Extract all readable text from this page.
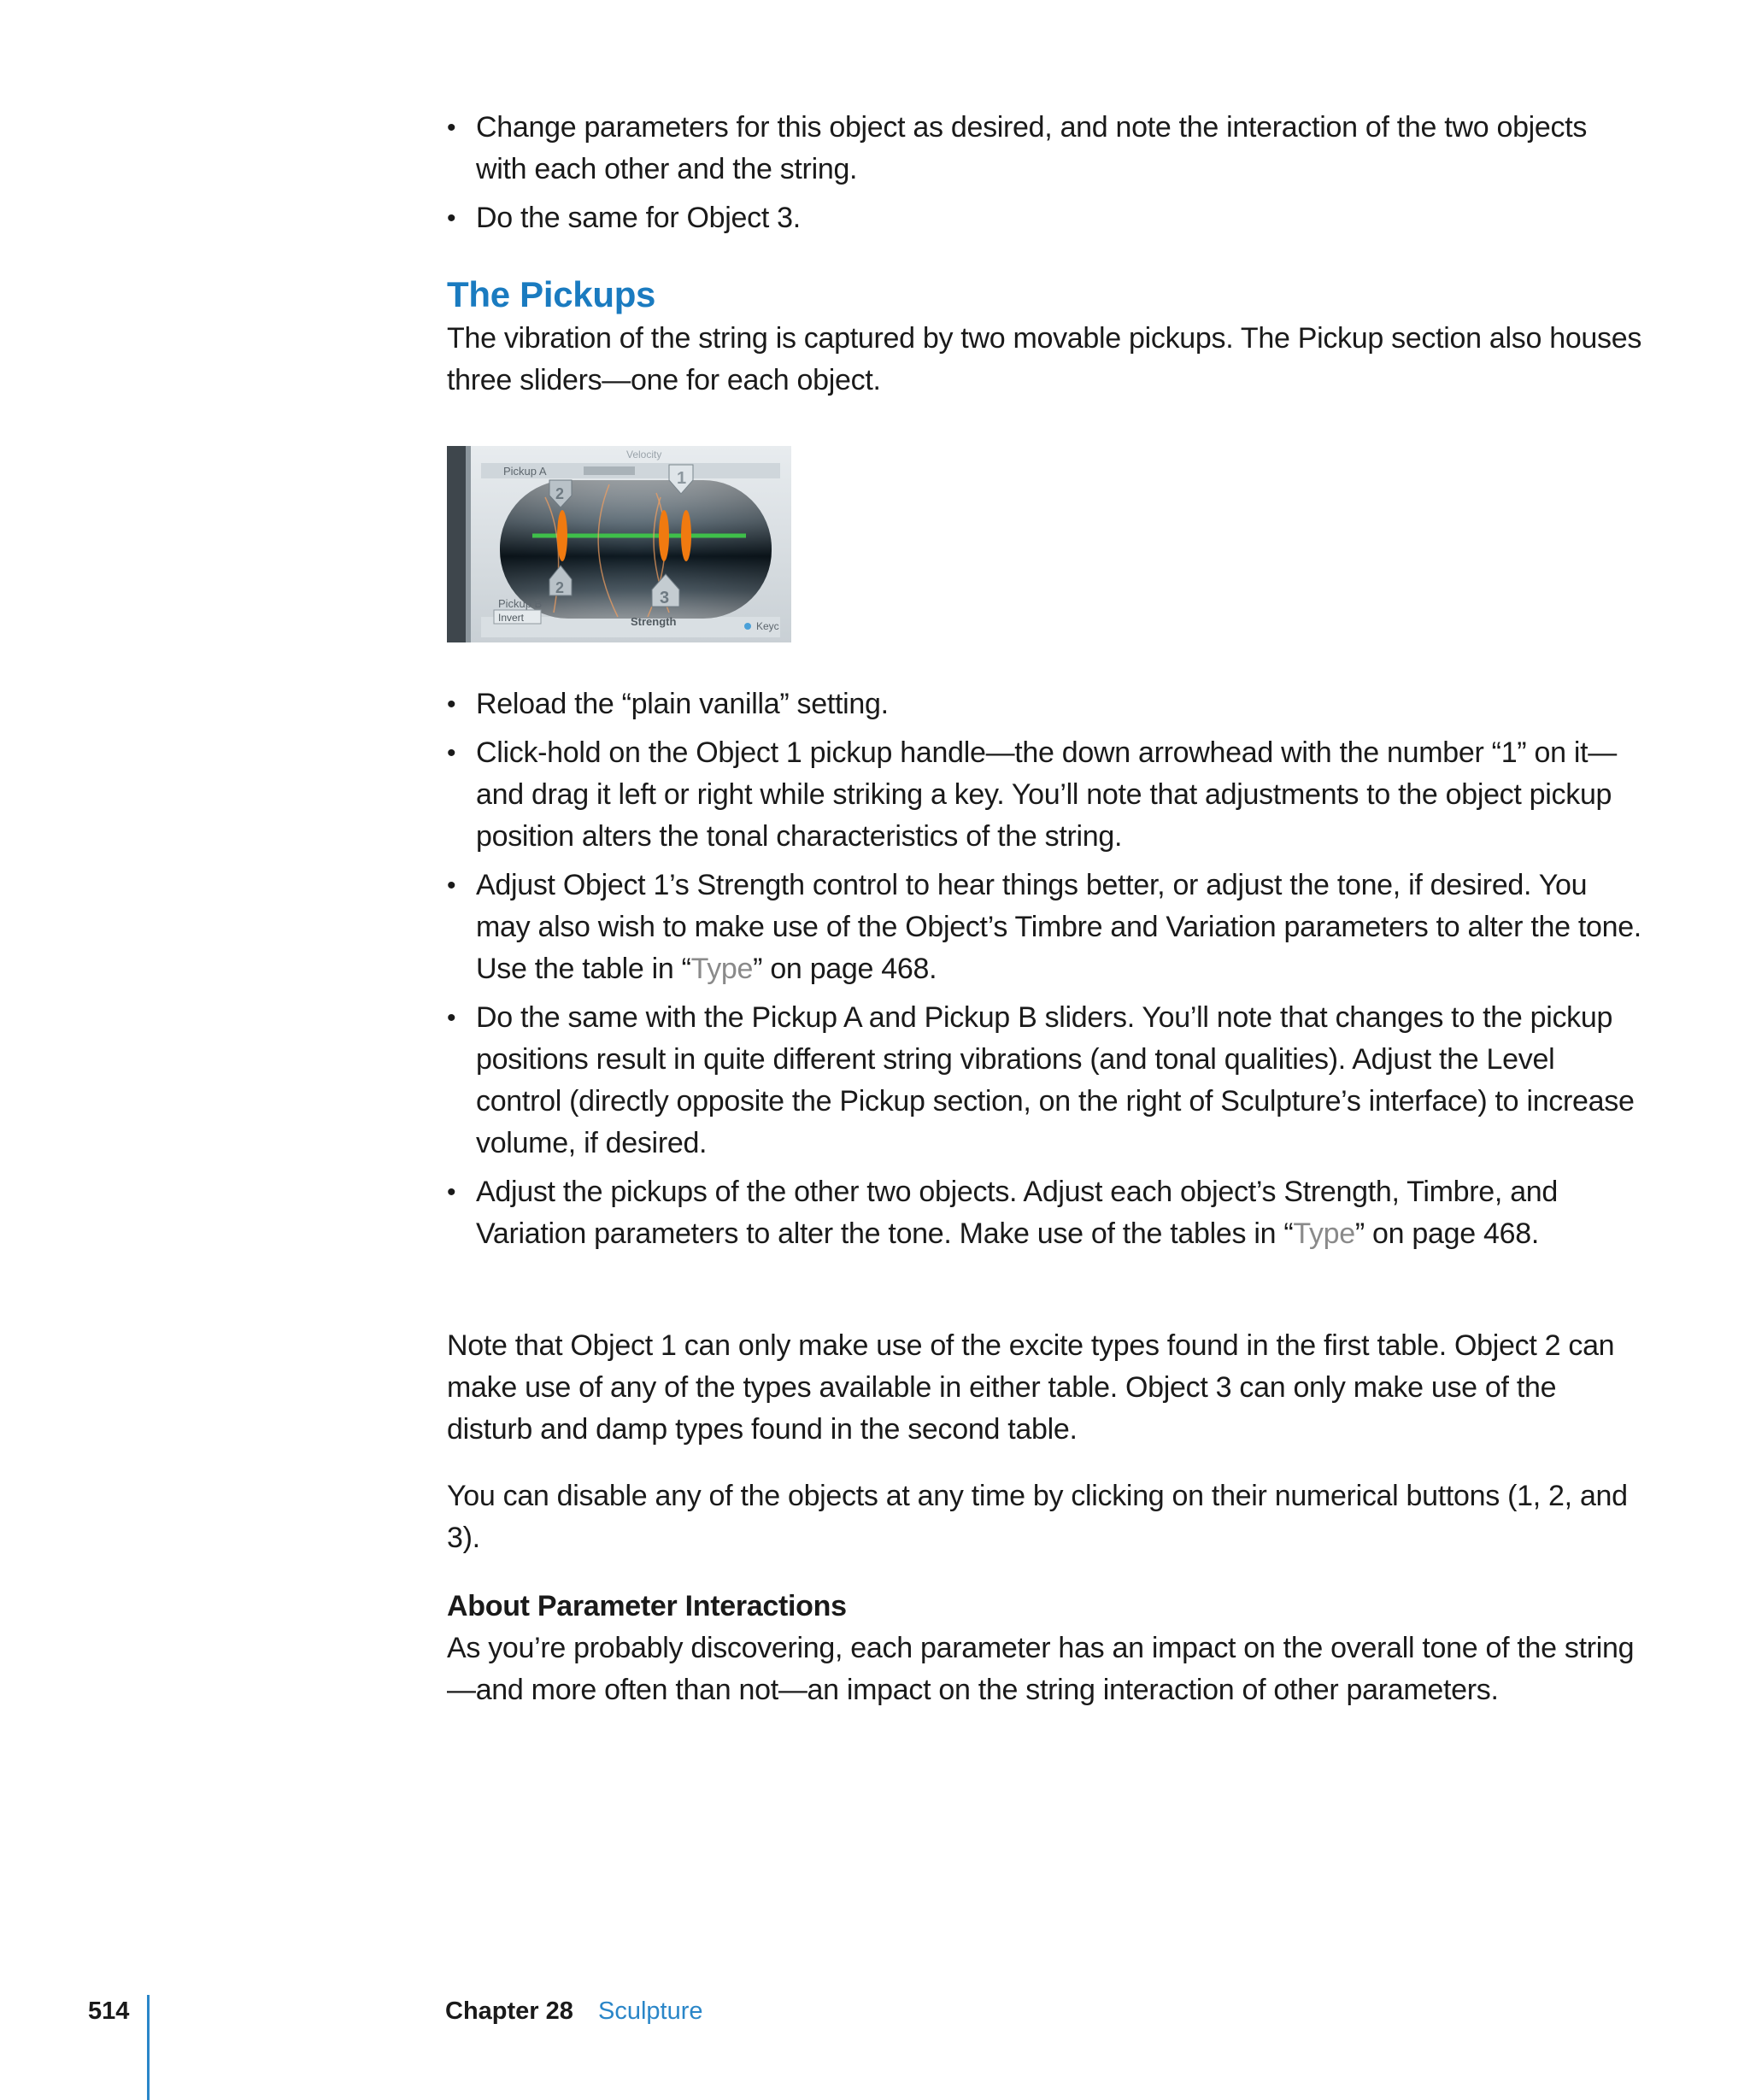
• Change parameters for this object as desired, and note the interaction of the two objects with each other and the string.
• Do the same for Object 3.
The Pickups

The vibration of the string is captured by two movable pickups. The Pickup section also houses three sliders—one for each object.

Velocity
Pickup A	1
2
2
3
Pickup B
Invert	Strength	Keyc
• Reload the “plain vanilla” setting.
• Click-hold on the Object 1 pickup handle—the down arrowhead with the number “1” on it—and drag it left or right while striking a key. You’ll note that adjustments to the object pickup position alters the tonal characteristics of the string.
• Adjust Object 1’s Strength control to hear things better, or adjust the tone, if desired. You may also wish to make use of the Object’s Timbre and Variation parameters to alter the tone. Use the table in “Type” on page 468.
• Do the same with the Pickup A and Pickup B sliders. You’ll note that changes to the pickup positions result in quite different string vibrations (and tonal qualities). Adjust the Level control (directly opposite the Pickup section, on the right of Sculpture’s interface) to increase volume, if desired.
• Adjust the pickups of the other two objects. Adjust each object’s Strength, Timbre, and Variation parameters to alter the tone. Make use of the tables in “Type” on page 468.

Note that Object 1 can only make use of the excite types found in the first table. Object 2 can make use of any of the types available in either table. Object 3 can only make use of the disturb and damp types found in the second table.

You can disable any of the objects at any time by clicking on their numerical buttons (1, 2, and 3).

About Parameter Interactions

As you’re probably discovering, each parameter has an impact on the overall tone of the string—and more often than not—an impact on the string interaction of other parameters.

514	Chapter 28 Sculpture
